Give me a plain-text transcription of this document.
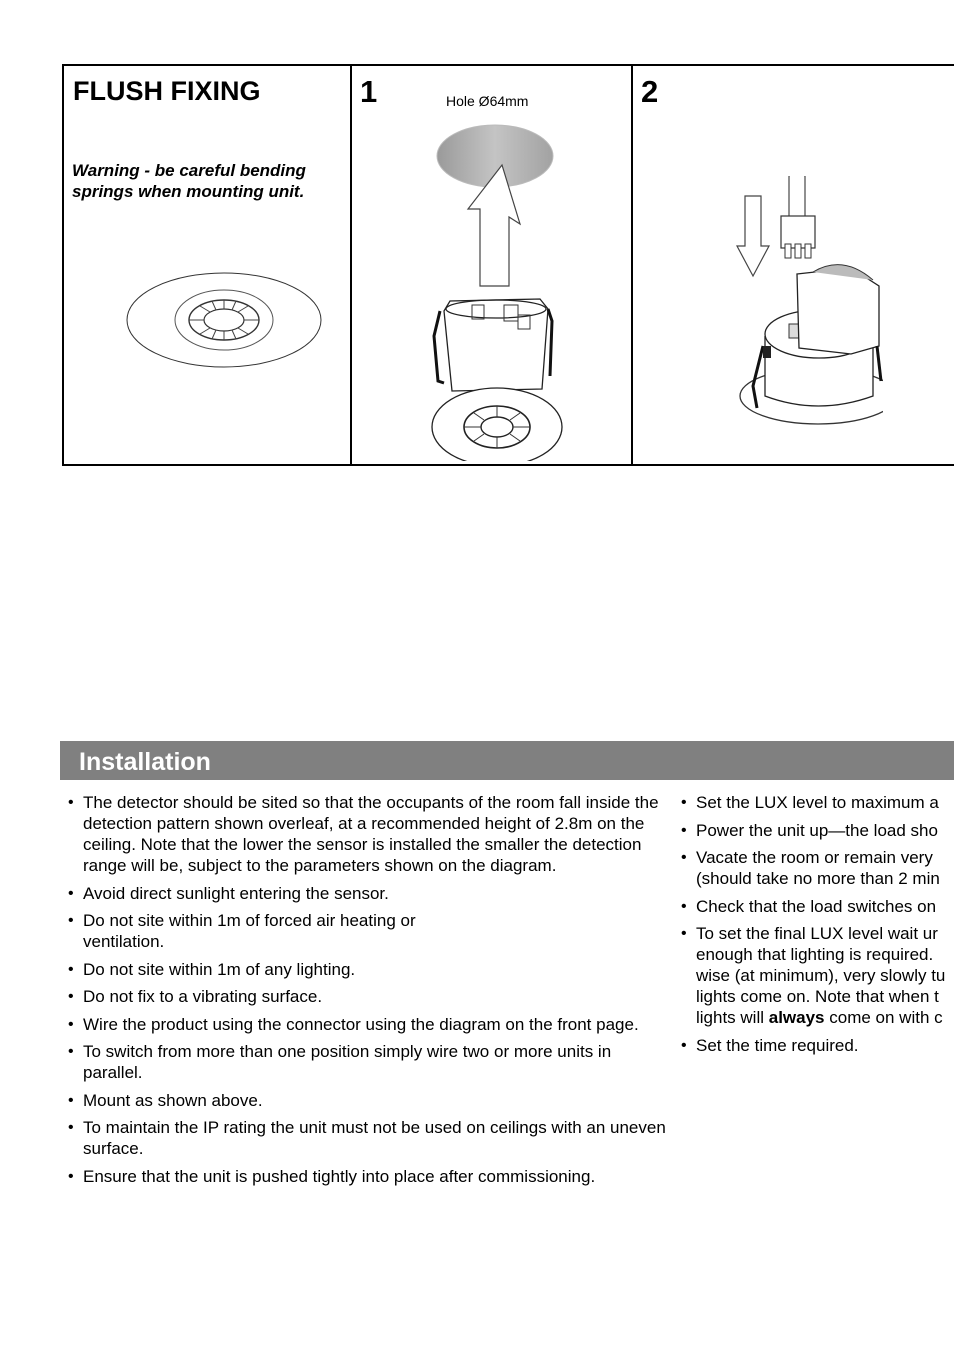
FLUSH FIXING
Warning - be careful bending springs when mounting unit.
1	Hole Ø64mm	2
Installation
• The detector should be sited so that the occupants of the room fall inside the detection pattern shown overleaf, at a recommended height of 2.8m on the ceiling. Note that the lower the sensor is installed the smaller the detection range will be, subject to the parameters shown on the diagram.
• Avoid direct sunlight entering the sensor.
• Do not site within 1m of forced air heating or ventilation.
• Do not site within 1m of any lighting.
• Do not fix to a vibrating surface.
• Wire the product using the connector using the diagram on the front page.
• To switch from more than one position simply wire two or more units in parallel.
• Mount as shown above.
• To maintain the IP rating the unit must not be used on ceilings with an uneven surface.
• Ensure that the unit is pushed tightly into place after commissioning.
• Set the LUX level to maximum a
• Power the unit up—the load sho
• Vacate the room or remain very
(should take no more than 2 min
• Check that the load switches on
• To set the final LUX level wait ur
enough that lighting is required.
wise (at minimum), very slowly tu
lights come on. Note that when t
lights will always come on with c
• Set the time required.
